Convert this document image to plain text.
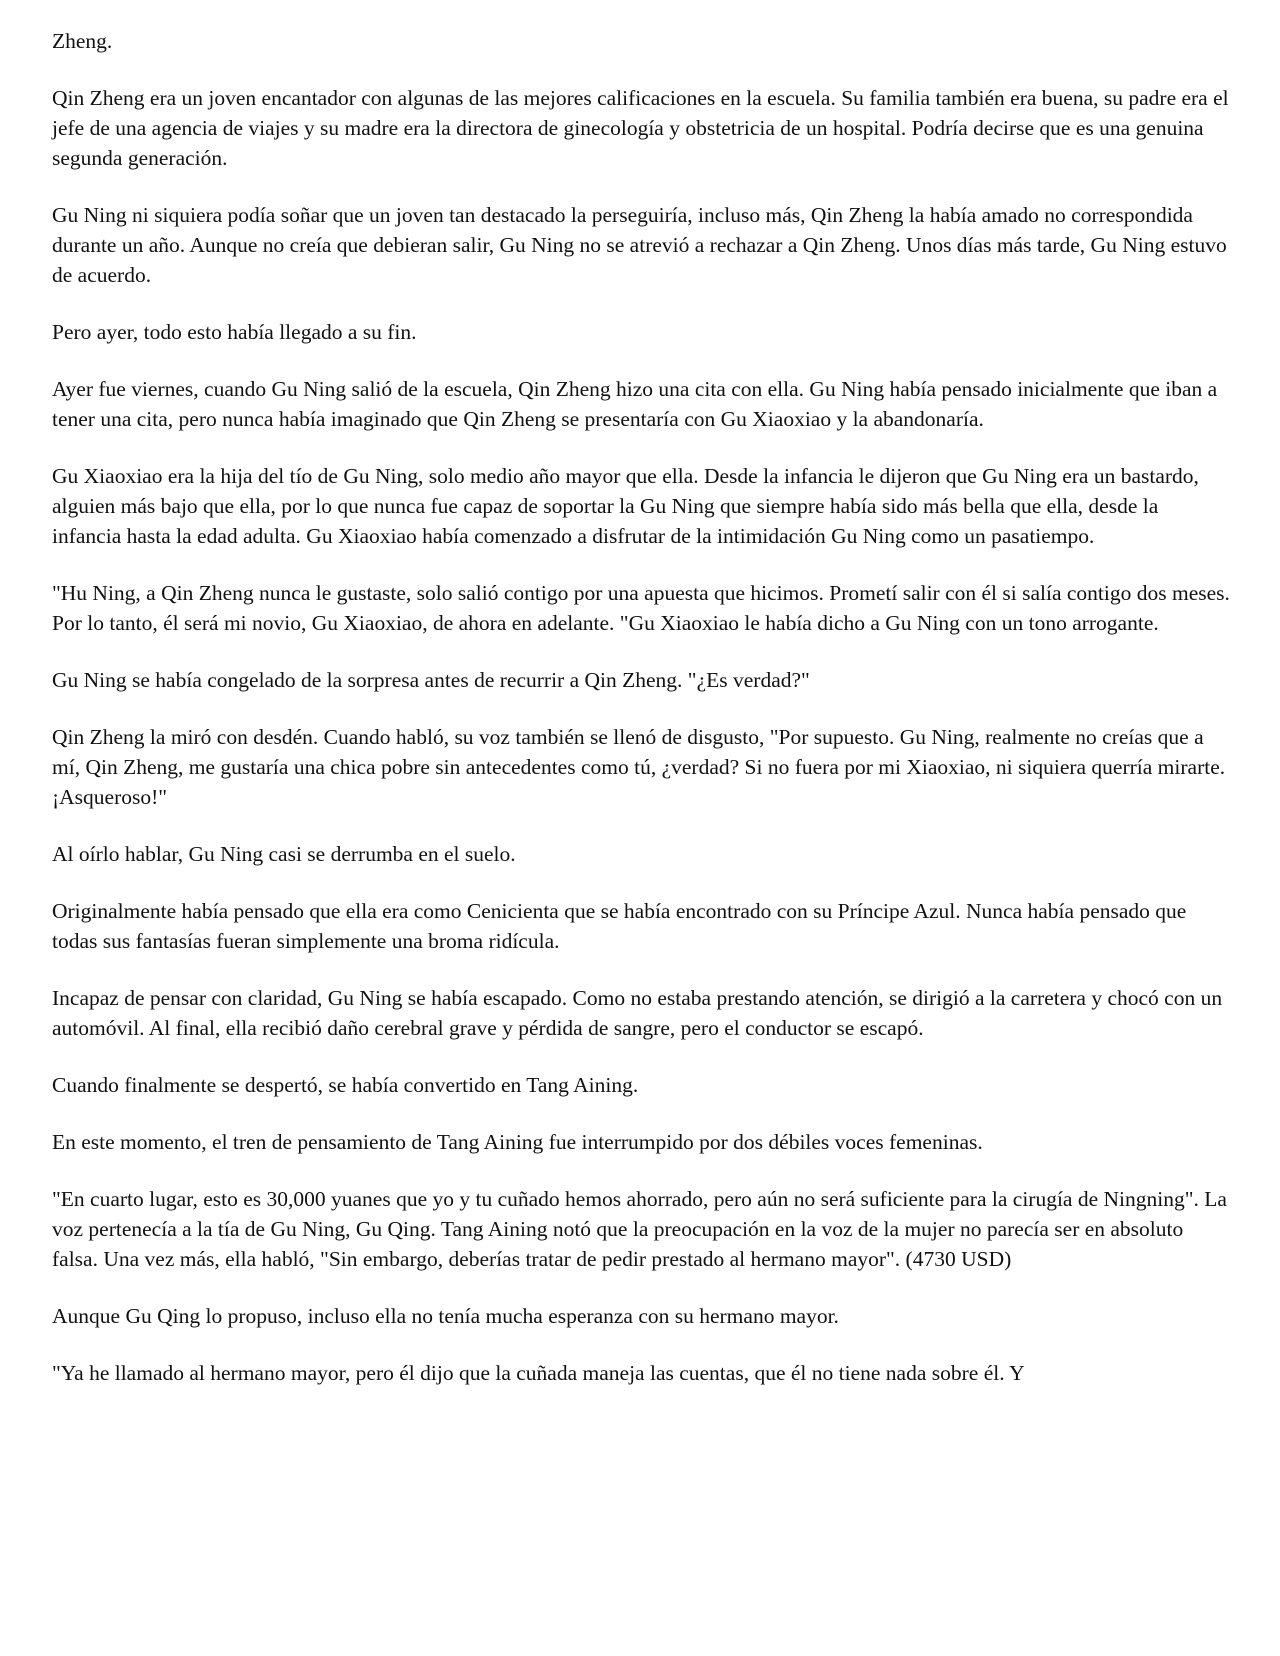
Zheng.

Qin Zheng era un joven encantador con algunas de las mejores calificaciones en la escuela. Su familia también era buena, su padre era el jefe de una agencia de viajes y su madre era la directora de ginecología y obstetricia de un hospital. Podría decirse que es una genuina segunda generación.

Gu Ning ni siquiera podía soñar que un joven tan destacado la perseguiría, incluso más, Qin Zheng la había amado no correspondida durante un año. Aunque no creía que debieran salir, Gu Ning no se atrevió a rechazar a Qin Zheng. Unos días más tarde, Gu Ning estuvo de acuerdo.

Pero ayer, todo esto había llegado a su fin.

Ayer fue viernes, cuando Gu Ning salió de la escuela, Qin Zheng hizo una cita con ella. Gu Ning había pensado inicialmente que iban a tener una cita, pero nunca había imaginado que Qin Zheng se presentaría con Gu Xiaoxiao y la abandonaría.

Gu Xiaoxiao era la hija del tío de Gu Ning, solo medio año mayor que ella. Desde la infancia le dijeron que Gu Ning era un bastardo, alguien más bajo que ella, por lo que nunca fue capaz de soportar la Gu Ning que siempre había sido más bella que ella, desde la infancia hasta la edad adulta. Gu Xiaoxiao había comenzado a disfrutar de la intimidación Gu Ning como un pasatiempo.

"Hu Ning, a Qin Zheng nunca le gustaste, solo salió contigo por una apuesta que hicimos. Prometí salir con él si salía contigo dos meses. Por lo tanto, él será mi novio, Gu Xiaoxiao, de ahora en adelante. "Gu Xiaoxiao le había dicho a Gu Ning con un tono arrogante.

Gu Ning se había congelado de la sorpresa antes de recurrir a Qin Zheng. "¿Es verdad?"

Qin Zheng la miró con desdén. Cuando habló, su voz también se llenó de disgusto, "Por supuesto. Gu Ning, realmente no creías que a mí, Qin Zheng, me gustaría una chica pobre sin antecedentes como tú, ¿verdad? Si no fuera por mi Xiaoxiao, ni siquiera querría mirarte. ¡Asqueroso!"

Al oírlo hablar, Gu Ning casi se derrumba en el suelo.

Originalmente había pensado que ella era como Cenicienta que se había encontrado con su Príncipe Azul. Nunca había pensado que todas sus fantasías fueran simplemente una broma ridícula.

Incapaz de pensar con claridad, Gu Ning se había escapado. Como no estaba prestando atención, se dirigió a la carretera y chocó con un automóvil. Al final, ella recibió daño cerebral grave y pérdida de sangre, pero el conductor se escapó.

Cuando finalmente se despertó, se había convertido en Tang Aining.

En este momento, el tren de pensamiento de Tang Aining fue interrumpido por dos débiles voces femeninas.

"En cuarto lugar, esto es 30,000 yuanes que yo y tu cuñado hemos ahorrado, pero aún no será suficiente para la cirugía de Ningning". La voz pertenecía a la tía de Gu Ning, Gu Qing. Tang Aining notó que la preocupación en la voz de la mujer no parecía ser en absoluto falsa. Una vez más, ella habló, "Sin embargo, deberías tratar de pedir prestado al hermano mayor". (4730 USD)

Aunque Gu Qing lo propuso, incluso ella no tenía mucha esperanza con su hermano mayor.

"Ya he llamado al hermano mayor, pero él dijo que la cuñada maneja las cuentas, que él no tiene nada sobre él. Y
